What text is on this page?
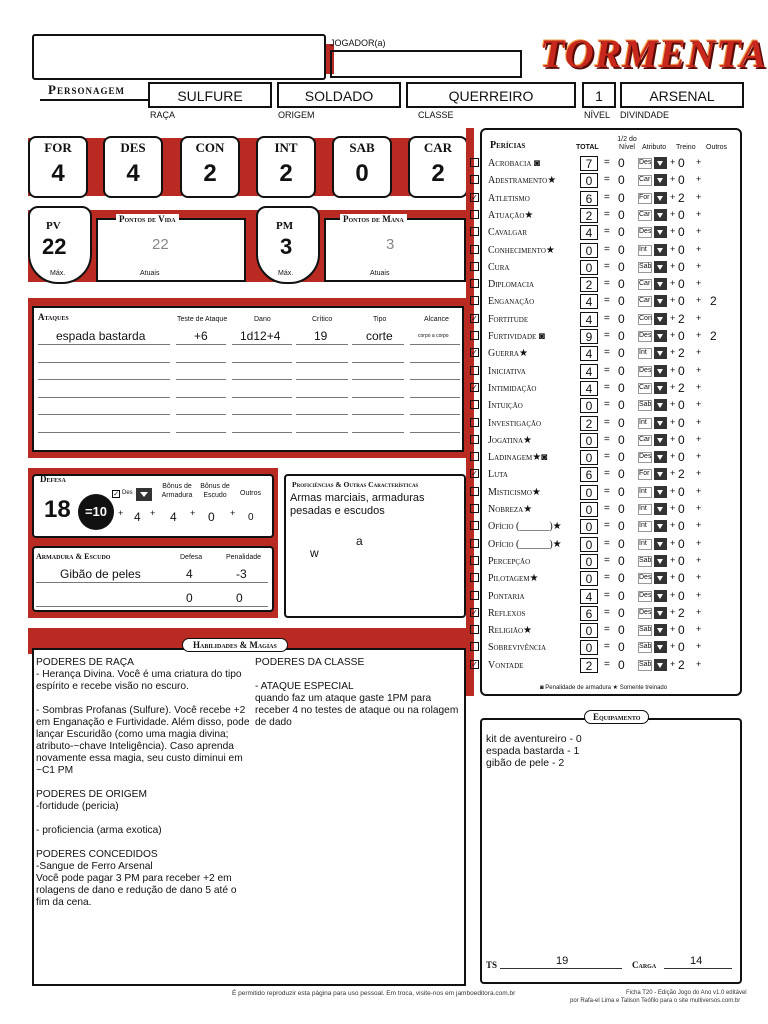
JOGADOR(a)	TORMENTA
Personagem	SULFURE	SOLDADO	QUERREIRO	1	ARSENAL
RAÇA	ORIGEM	CLASSE	NÍVEL DIVINDADE
FOR
4
DES
4
CON
2
INT
2
SAB
0
CAR
2
PV
22
Máx.
Pontos de Vida
22
Atuais
PM
3
Máx.
Pontos de Mana
3
Atuais
Ataques	Teste de Ataque	Dano	Crítico	Tipo	Alcance
espada bastarda	+6	1d12+4	19	corte	corpo a corpo
Defesa
18	=10
✓ Des
Bônus de Armadura
Bônus de Escudo	Outros
+ 4 + 4 + 0 + 0
Armadura & Escudo	Defesa	Penalidade
Gibão de peles	4	-3
0	0
Proficiências & Outras Características
Armas marciais, armaduras pesadas e escudos
a
w
Perícias	TOTAL
1/2 do Nível	Atributo Treino Outros
Acrobacia ◙	7	= 0 Des + 0 +
Adestramento★	0	= 0 Car + 0 +
✓ Atletismo	6	= 0 For + 2 +
Atuação★	2	= 0 Car + 0 +
Cavalgar	4	= 0 Des + 0 +
Conhecimento★	0	= 0 Int	+ 0 +
Cura	0	= 0 Sab + 0 +
Diplomacia	2	= 0 Car + 0 +
Enganação	4	= 0 Car + 0 + 2
✓ Fortitude	4	= 0 Con + 2 +
Furtividade ◙	9	= 0 Des + 0 + 2
✓ Guerra★	4	= 0 Int	+ 2 +
Iniciativa	4	= 0 Des + 0 +
✓ Intimidação	4	= 0 Car + 2 +
Intuição	0	= 0 Sab + 0 +
Investigação	2	= 0 Int	+ 0 +
Jogatina★	0	= 0 Car + 0 +
Ladinagem★◙	0	= 0 Des + 0 +
✓ Luta	6	= 0 For + 2 +
Misticismo★	0	= 0 Int	+ 0 +
Nobreza★	0	= 0 Int	+ 0 +
Ofício (______)★	0	= 0 Int	+ 0 +
Ofício (______)★	0	= 0 Int	+ 0 +
Percepção	0	= 0 Sab + 0 +
Pilotagem★	0	= 0 Des + 0 +
Pontaria	4	= 0 Des + 0 +
✓ Reflexos	6	= 0 Des + 2 +
Religião★	0	= 0 Sab + 0 +
Sobrevivência	0	= 0 Sab + 0 +
✓ Vontade	2	= 0 Sab + 2 +
◙ Penalidade de armadura ★ Somente treinado
Habilidades & Magias
PODERES DE RAÇA
- Herança Divina. Você é uma criatura do tipo espírito e recebe visão no escuro.

- Sombras Profanas (Sulfure). Você recebe +2 em Enganação e Furtividade. Além disso, pode lançar Escuridão (como uma magia divina; atributo-~chave Inteligência). Caso aprenda novamente essa magia, seu custo diminui em ~C1 PM

PODERES DE ORIGEM
-fortidude (pericia)

- proficiencia (arma exotica)

PODERES CONCEDIDOS
-Sangue de Ferro Arsenal
Você pode pagar 3 PM para receber +2 em rolagens de dano e redução de dano 5 até o fim da cena.
PODERES DA CLASSE

- ATAQUE ESPECIAL
quando faz um ataque gaste 1PM para receber 4 no testes de ataque ou na rolagem de dado	Equipamento
kit de aventureiro - 0
espada bastarda - 1
gibão de pele - 2
TS	19	Carga	14
É permitido reproduzir esta página para uso pessoal. Em troca, visite-nos em jamboeditora.com.br	Ficha T20 - Edição Jogo do Ano v1.0 editável
por Rafa-el Lima e Talison Teófilo para o site multiversos.com.br
